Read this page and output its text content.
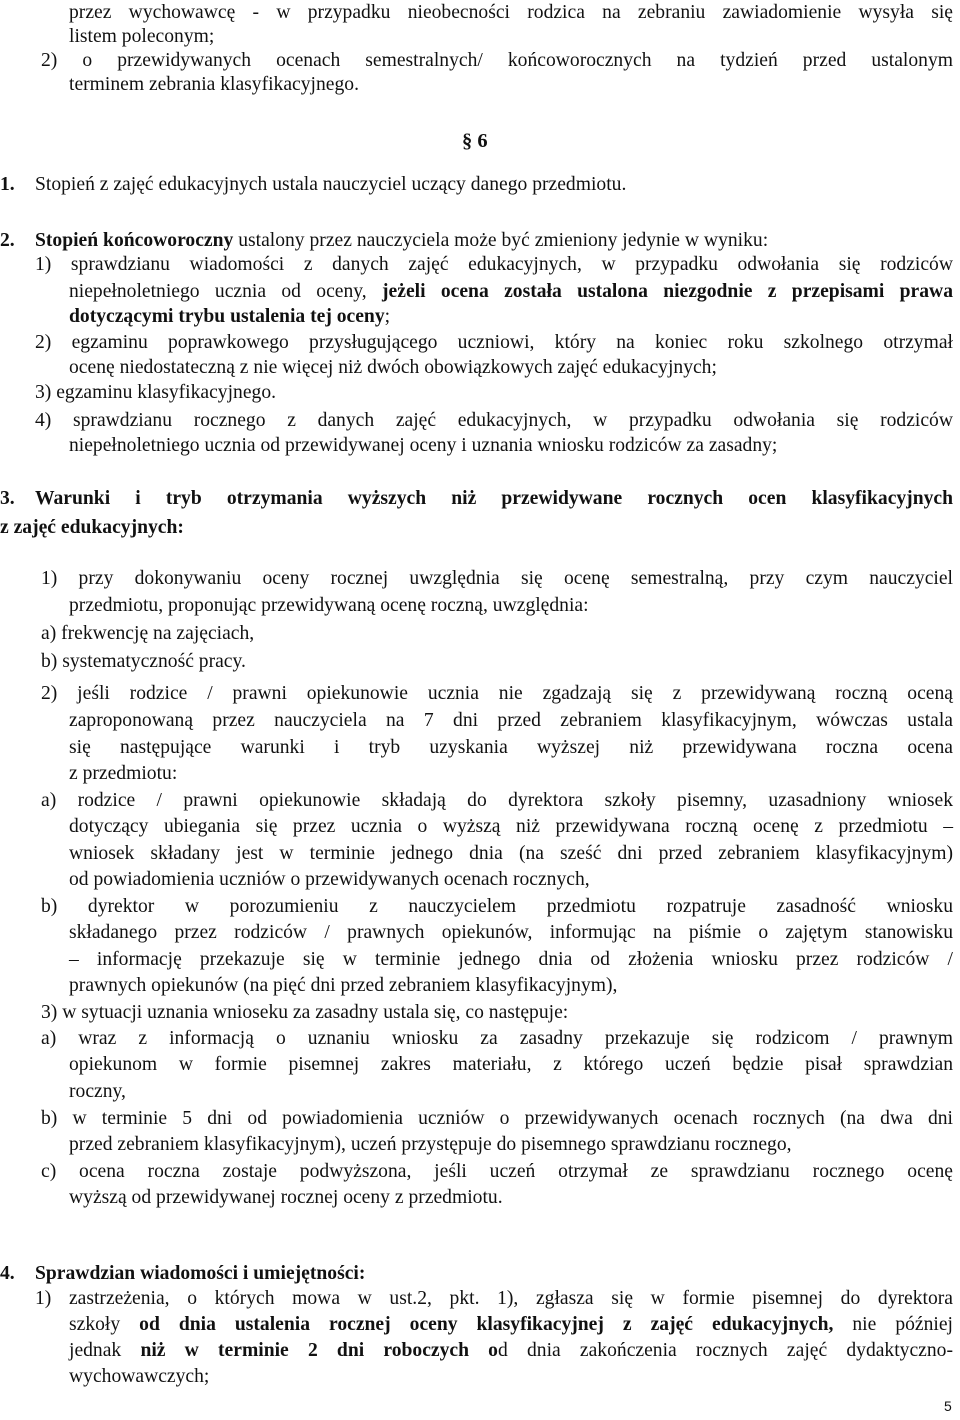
przez wychowawcę - w przypadku nieobecności rodzica na zebraniu zawiadomienie wysyła się
listem poleconym;
2) o przewidywanych ocenach semestralnych/ końcoworocznych na tydzień przed ustalonym
terminem zebrania klasyfikacyjnego.
§ 6
1. Stopień z zajęć edukacyjnych ustala nauczyciel uczący danego przedmiotu.
2. Stopień końcoworoczny ustalony przez nauczyciela może być zmieniony jedynie w wyniku:
1) sprawdzianu wiadomości z danych zajęć edukacyjnych, w przypadku odwołania się rodziców
niepełnoletniego ucznia od oceny, jeżeli ocena została ustalona niezgodnie z przepisami prawa
dotyczącymi trybu ustalenia tej oceny;
2) egzaminu poprawkowego przysługującego uczniowi, który na koniec roku szkolnego otrzymał
ocenę niedostateczną z nie więcej niż dwóch obowiązkowych zajęć edukacyjnych;
3) egzaminu klasyfikacyjnego.
4) sprawdzianu rocznego z danych zajęć edukacyjnych, w przypadku odwołania się rodziców
niepełnoletniego ucznia od przewidywanej oceny i uznania wniosku rodziców za zasadny;
3. Warunki i tryb otrzymania wyższych niż przewidywane rocznych ocen klasyfikacyjnych
z zajęć edukacyjnych:
1) przy dokonywaniu oceny rocznej uwzględnia się ocenę semestralną, przy czym nauczyciel
przedmiotu, proponując przewidywaną ocenę roczną, uwzględnia:
a) frekwencję na zajęciach,
b) systematyczność pracy.
2) jeśli rodzice / prawni opiekunowie ucznia nie zgadzają się z przewidywaną roczną oceną
zaproponowaną przez nauczyciela na 7 dni przed zebraniem klasyfikacyjnym, wówczas ustala
się następujące warunki i tryb uzyskania wyższej niż przewidywana roczna ocena
z przedmiotu:
a) rodzice / prawni opiekunowie składają do dyrektora szkoły pisemny, uzasadniony wniosek
dotyczący ubiegania się przez ucznia o wyższą niż przewidywana roczną ocenę z przedmiotu –
wniosek składany jest w terminie jednego dnia (na sześć dni przed zebraniem klasyfikacyjnym)
od powiadomienia uczniów o przewidywanych ocenach rocznych,
b) dyrektor w porozumieniu z nauczycielem przedmiotu rozpatruje zasadność wniosku
składanego przez rodziców / prawnych opiekunów, informując na piśmie o zajętym stanowisku
– informację przekazuje się w terminie jednego dnia od złożenia wniosku przez rodziców /
prawnych opiekunów (na pięć dni przed zebraniem klasyfikacyjnym),
3) w sytuacji uznania wnioseku za zasadny ustala się, co następuje:
a) wraz z informacją o uznaniu wniosku za zasadny przekazuje się rodzicom / prawnym
opiekunom w formie pisemnej zakres materiału, z którego uczeń będzie pisał sprawdzian
roczny,
b) w terminie 5 dni od powiadomienia uczniów o przewidywanych ocenach rocznych (na dwa dni
przed zebraniem klasyfikacyjnym), uczeń przystępuje do pisemnego sprawdzianu rocznego,
c) ocena roczna zostaje podwyższona, jeśli uczeń otrzymał ze sprawdzianu rocznego ocenę
wyższą od przewidywanej rocznej oceny z przedmiotu.
4. Sprawdzian wiadomości i umiejętności:
1) zastrzeżenia, o których mowa w ust.2, pkt. 1), zgłasza się w formie pisemnej do dyrektora
szkoły od dnia ustalenia rocznej oceny klasyfikacyjnej z zajęć edukacyjnych, nie później
jednak niż w terminie 2 dni roboczych od dnia zakończenia rocznych zajęć dydaktyczno-
wychowawczych;
5
